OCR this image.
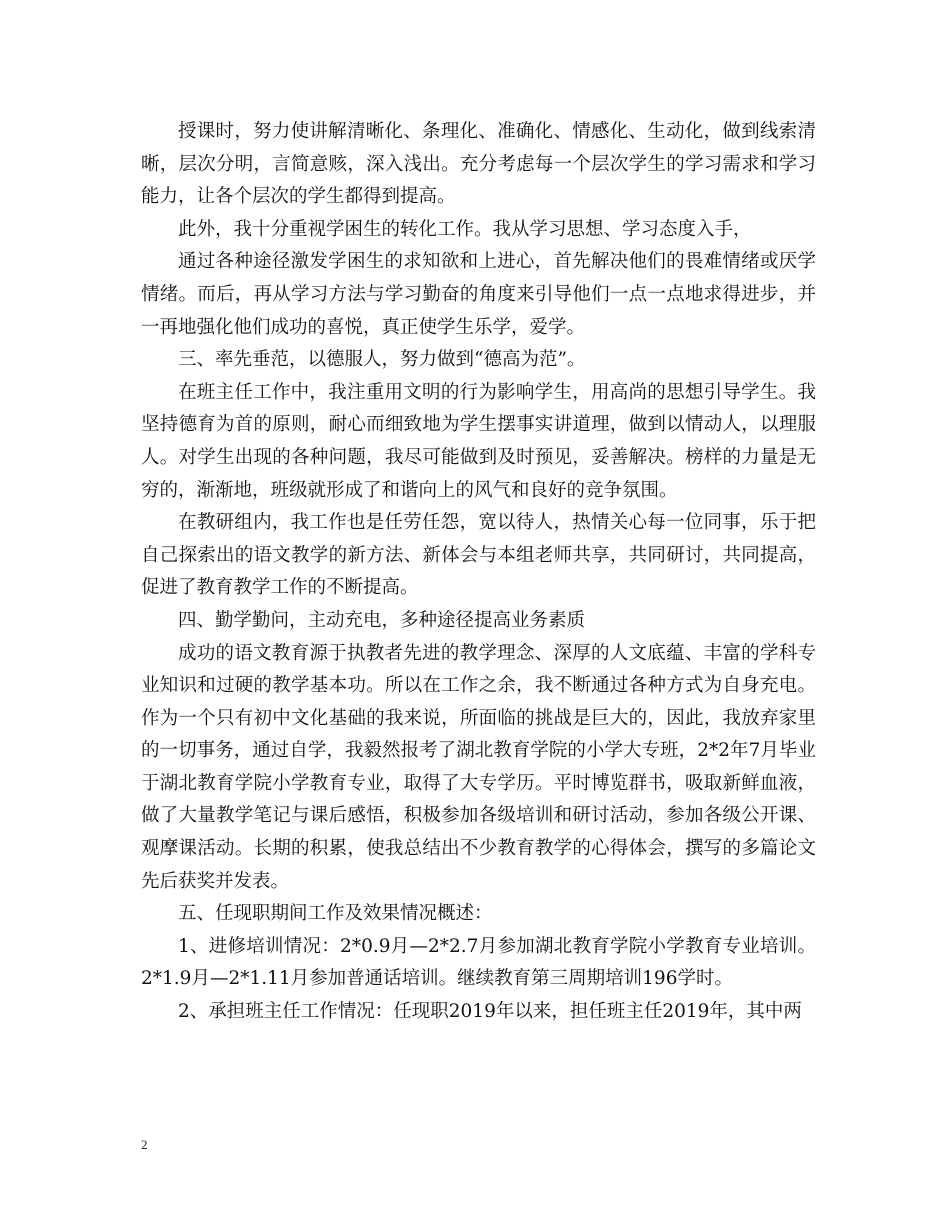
授课时，努力使讲解清晰化、条理化、准确化、情感化、生动化，做到线索清晰，层次分明，言简意赅，深入浅出。充分考虑每一个层次学生的学习需求和学习能力，让各个层次的学生都得到提高。

此外，我十分重视学困生的转化工作。我从学习思想、学习态度入手，

通过各种途径激发学困生的求知欲和上进心，首先解决他们的畏难情绪或厌学情绪。而后，再从学习方法与学习勤奋的角度来引导他们一点一点地求得进步，并一再地强化他们成功的喜悦，真正使学生乐学，爱学。

三、率先垂范，以德服人，努力做到“德高为范”。

在班主任工作中，我注重用文明的行为影响学生，用高尚的思想引导学生。我坚持德育为首的原则，耐心而细致地为学生摆事实讲道理，做到以情动人，以理服人。对学生出现的各种问题，我尽可能做到及时预见，妥善解决。榜样的力量是无穷的，渐渐地，班级就形成了和谐向上的风气和良好的竞争氛围。

在教研组内，我工作也是任劳任怨，宽以待人，热情关心每一位同事，乐于把自己探索出的语文教学的新方法、新体会与本组老师共享，共同研讨，共同提高，促进了教育教学工作的不断提高。

四、勤学勤问，主动充电，多种途径提高业务素质

成功的语文教育源于执教者先进的教学理念、深厚的人文底蕴、丰富的学科专业知识和过硬的教学基本功。所以在工作之余，我不断通过各种方式为自身充电。作为一个只有初中文化基础的我来说，所面临的挑战是巨大的，因此，我放弃家里的一切事务，通过自学，我毅然报考了湖北教育学院的小学大专班，2*2年7月毕业于湖北教育学院小学教育专业，取得了大专学历。平时博览群书，吸取新鲜血液，做了大量教学笔记与课后感悟，积极参加各级培训和研讨活动，参加各级公开课、观摩课活动。长期的积累，使我总结出不少教育教学的心得体会，撰写的多篇论文先后获奖并发表。

五、任现职期间工作及效果情况概述：

1、进修培训情况：2*0.9月—2*2.7月参加湖北教育学院小学教育专业培训。2*1.9月—2*1.11月参加普通话培训。继续教育第三周期培训196学时。

2、承担班主任工作情况：任现职2019年以来，担任班主任2019年，其中两

2
